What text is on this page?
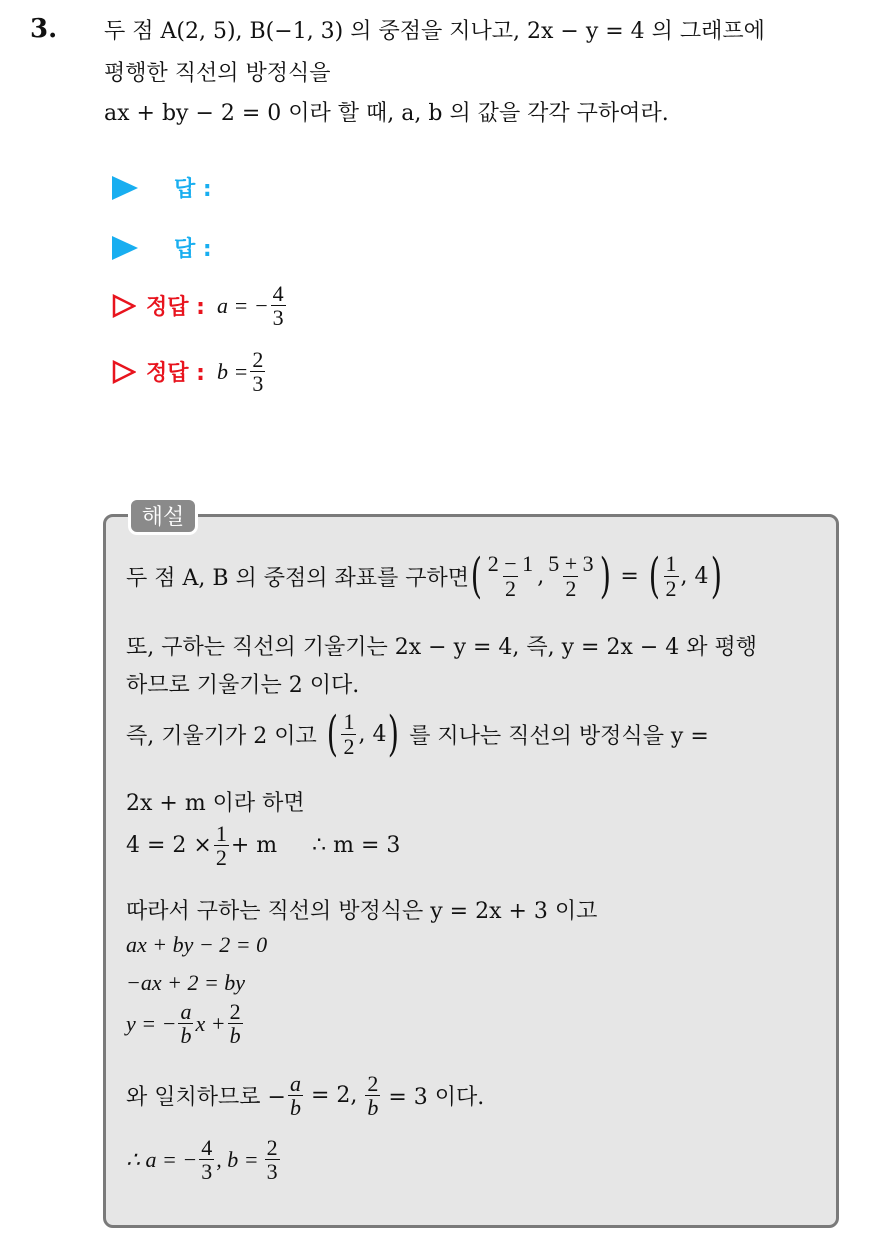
3. 두 점 A(2, 5), B(−1, 3) 의 중점을 지나고, 2x − y = 4 의 그래프에
평행한 직선의 방정식을
ax + by − 2 = 0 이라 할 때, a, b 의 값을 각각 구하여라.
답 :
답 :
정답 : a = − $\frac{4}{3}$
정답 : $b = \frac{2}{3}$
해설
두 점 A, B 의 중점의 좌표를 구하면 ( $\frac{2 - 1}{2}$ , $\frac{5 + 3}{2}$ ) = ( $\frac{1}{2}$ , 4 )
또, 구하는 직선의 기울기는 2x − y = 4, 즉, y = 2x − 4 와 평행
하므로 기울기는 2 이다.
즉, 기울기가 2 이고 ( $\frac{1}{2}$ , 4 ) 를 지나는 직선의 방정식을 y =
2x + m 이라 하면
$4 = 2 \times \frac{1}{2} + m$     ∴ m = 3
따라서 구하는 직선의 방정식은 y = 2x + 3 이고
ax + by − 2 = 0
−ax + 2 = by
y = − $\frac{a}{b}$ $x + \frac{2}{b}$
와 일치하므로 − $\frac{a}{b} = 2$, $\frac{2}{b} = 3$ 이다.
∴ a = − $\frac{4}{3}$ , $b = \frac{2}{3}$
